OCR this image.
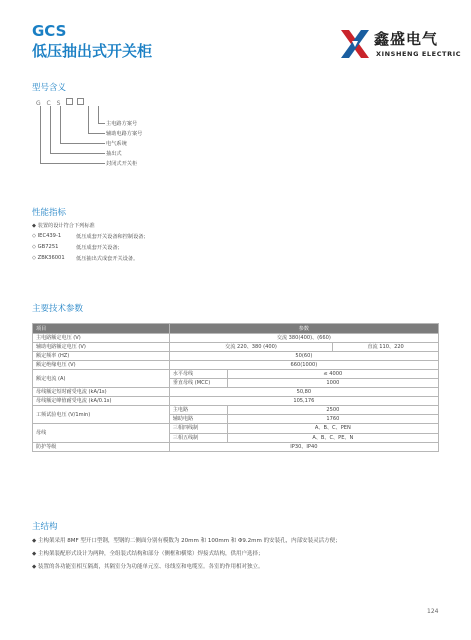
GCS
低压抽出式开关柜
鑫盛电气
XINSHENG ELECTRIC
型号含义
G C S
主电路方案号
辅助电路方案号
电气系统
抽出式
封闭式开关柜
性能指标
◆ 装置的设计符合下列标准
◇ IEC439-1	低压成套开关设备和控制设备；
◇ GB7251	低压成套开关设备；
◇ ZBK36001 低压抽出式成套开关设备。
主要技术参数
项目	参数		
主电路额定电压 (V)	交流 380(400)、(660)		
辅助电路额定电压 (V)	交流 220、380 (400)		直流 110、220
额定频率 (HZ)	50(60)		
额定绝缘电压 (V)	660(1000)		
额定电流 (A)	水平母线	≤ 4000	
	垂直母线 (MCC)	1000	
母线额定短时耐受电流 (kA/1s)	50,80		
母线额定峰值耐受电流 (kA/0.1s)	105,176		
工频试验电压 (V/1min)	主电路	2500	
	辅助电路	1760	
母线	三相四线制	A、B、C、PEN	
	三相五线制	A、B、C、PE、N	
防护等级	IP30、IP40		
主结构
◆ 主构架采用 8MF 型开口型钢，型钢的二侧面分别有模数为 20mm 和 100mm 和 Φ9.2mm 的安装孔，内部安装灵活方便；
◆ 主构架装配形式设计为两种，全组装式结构和部分（侧框和横梁）焊接式结构，供用户选择；
◆ 装置的各功能室相互隔离，其隔室分为功能单元室、母线室和电缆室。各室的作用相对独立。
124
